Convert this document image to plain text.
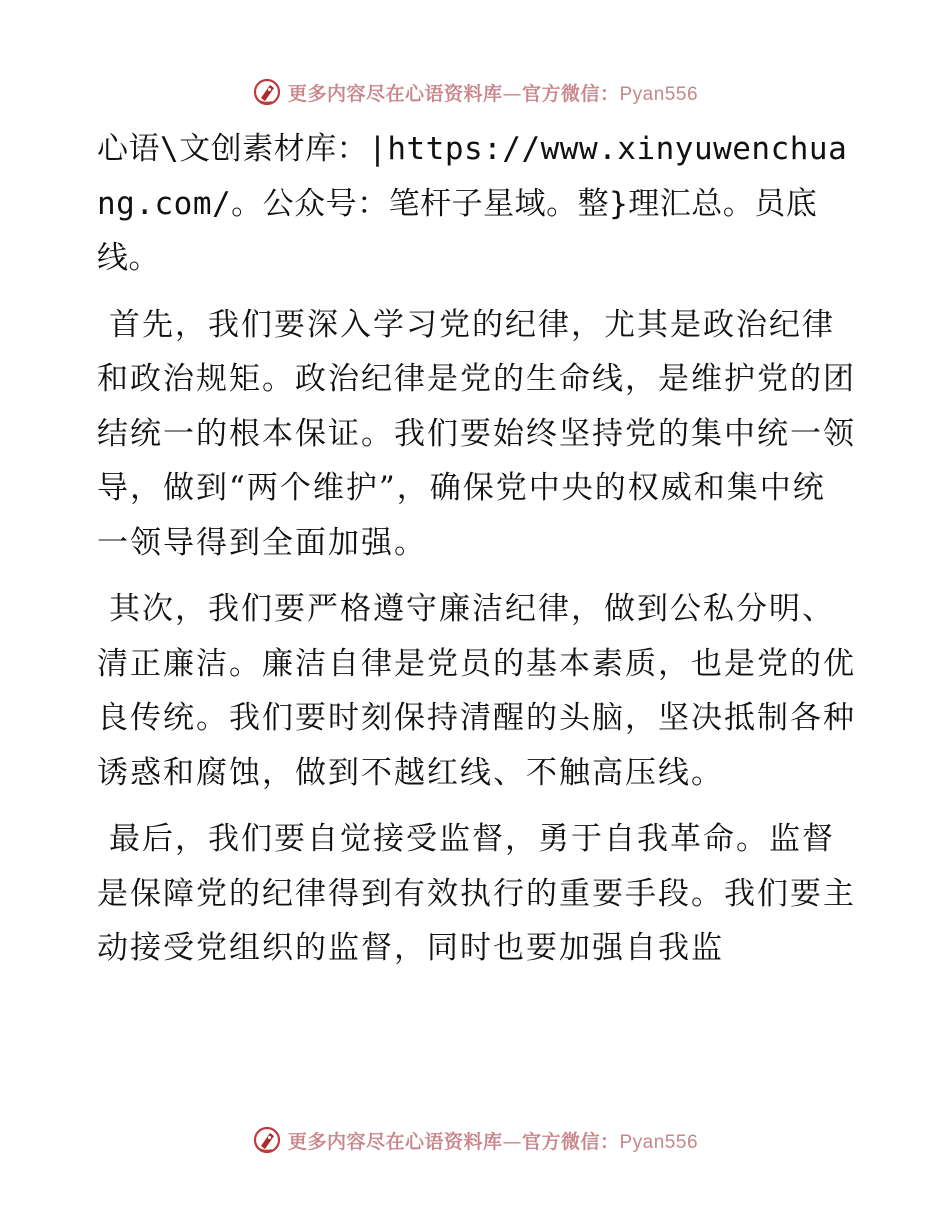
更多内容尽在心语资料库—官方微信：Pyan556

心语\文创素材库：|https://www.xinyuwenchuang.com/。公众号：笔杆子星域。整}理汇总。员底线。

首先，我们要深入学习党的纪律，尤其是政治纪律和政治规矩。政治纪律是党的生命线，是维护党的团结统一的根本保证。我们要始终坚持党的集中统一领导，做到“两个维护”，确保党中央的权威和集中统一领导得到全面加强。

其次，我们要严格遵守廉洁纪律，做到公私分明、清正廉洁。廉洁自律是党员的基本素质，也是党的优良传统。我们要时刻保持清醒的头脑，坚决抵制各种诱惑和腐蚀，做到不越红线、不触高压线。

最后，我们要自觉接受监督，勇于自我革命。监督是保障党的纪律得到有效执行的重要手段。我们要主动接受党组织的监督，同时也要加强自我监

更多内容尽在心语资料库—官方微信：Pyan556
